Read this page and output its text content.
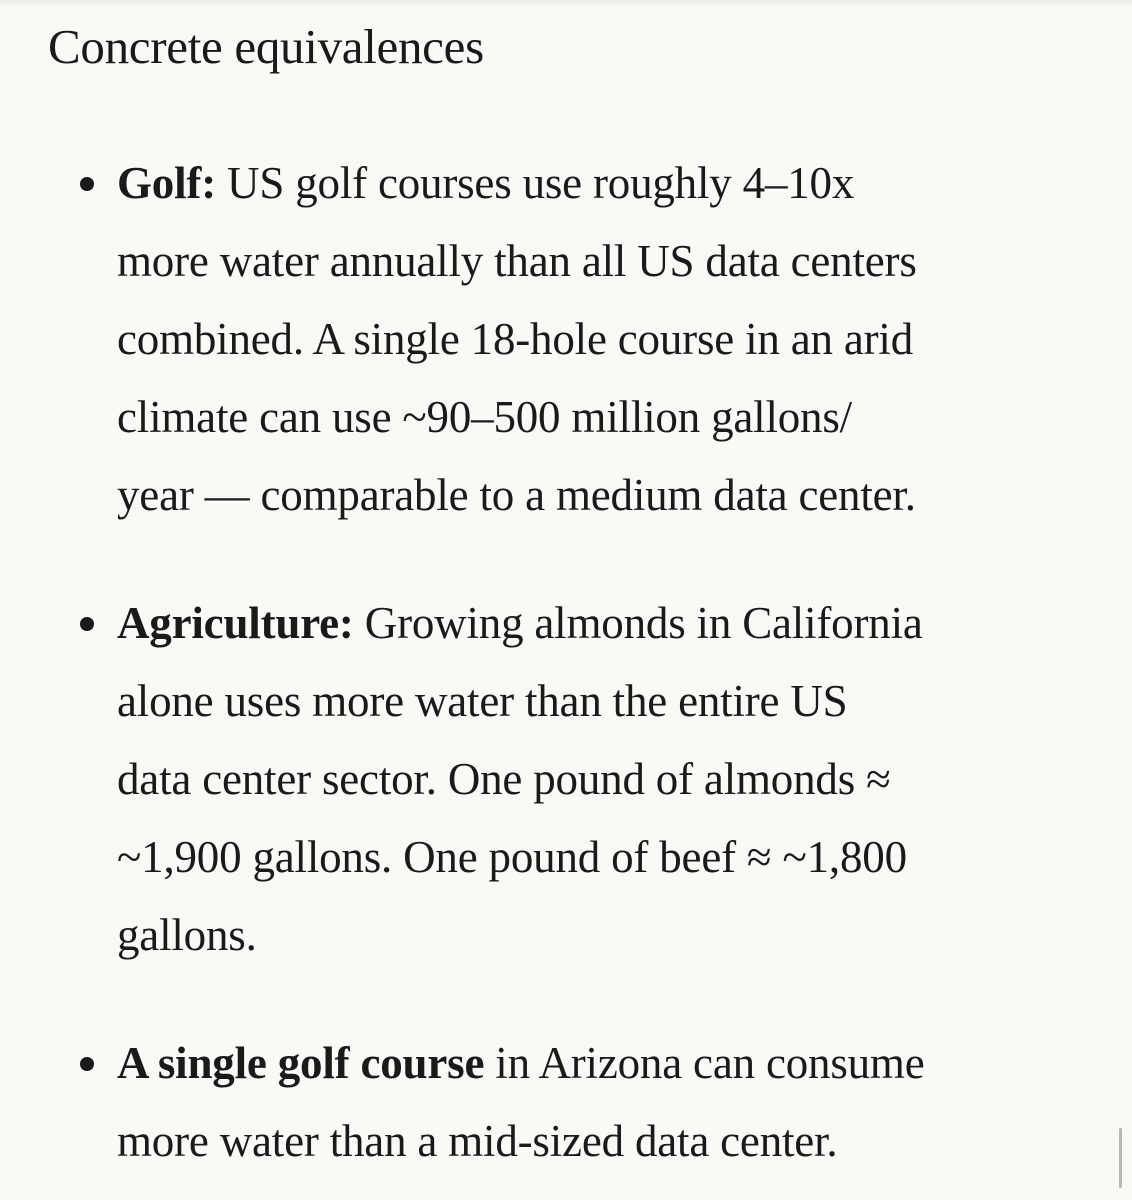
Concrete equivalences
Golf: US golf courses use roughly 4–10x
more water annually than all US data centers
combined. A single 18-hole course in an arid
climate can use ~90–500 million gallons/
year — comparable to a medium data center.
Agriculture: Growing almonds in California
alone uses more water than the entire US
data center sector. One pound of almonds ≈
~1,900 gallons. One pound of beef ≈ ~1,800
gallons.
A single golf course in Arizona can consume
more water than a mid-sized data center.
